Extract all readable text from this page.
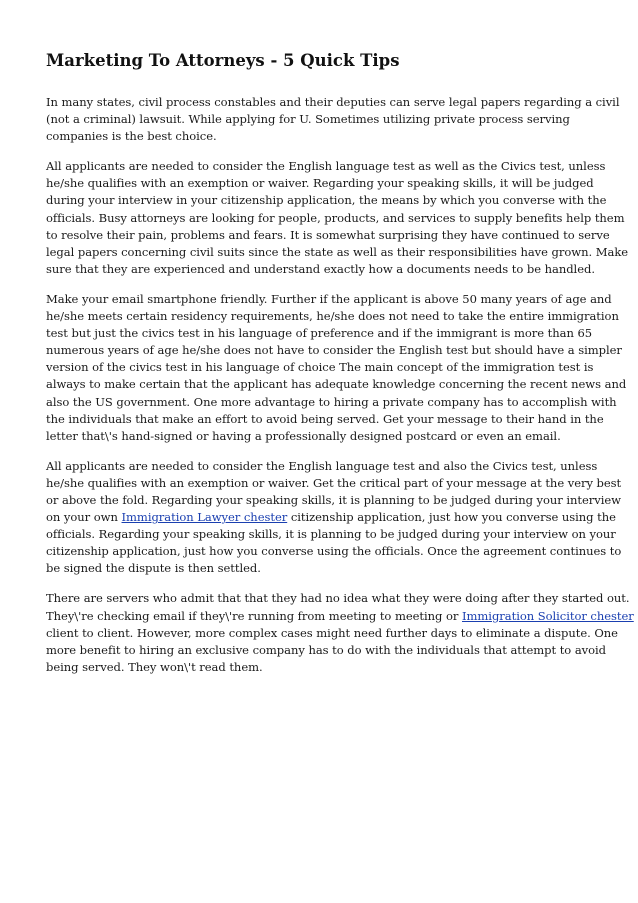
Marketing To Attorneys - 5 Quick Tips

In many states, civil process constables and their deputies can serve legal papers regarding a civil
(not a criminal) lawsuit. While applying for U. Sometimes utilizing private process serving
companies is the best choice.

All applicants are needed to consider the English language test as well as the Civics test, unless
he/she qualifies with an exemption or waiver. Regarding your speaking skills, it will be judged
during your interview in your citizenship application, the means by which you converse with the
officials. Busy attorneys are looking for people, products, and services to supply benefits help them
to resolve their pain, problems and fears. It is somewhat surprising they have continued to serve
legal papers concerning civil suits since the state as well as their responsibilities have grown. Make
sure that they are experienced and understand exactly how a documents needs to be handled.

Make your email smartphone friendly. Further if the applicant is above 50 many years of age and
he/she meets certain residency requirements, he/she does not need to take the entire immigration
test but just the civics test in his language of preference and if the immigrant is more than 65
numerous years of age he/she does not have to consider the English test but should have a simpler
version of the civics test in his language of choice The main concept of the immigration test is
always to make certain that the applicant has adequate knowledge concerning the recent news and
also the US government. One more advantage to hiring a private company has to accomplish with
the individuals that make an effort to avoid being served. Get your message to their hand in the
letter that\'s hand-signed or having a professionally designed postcard or even an email.

All applicants are needed to consider the English language test and also the Civics test, unless
he/she qualifies with an exemption or waiver. Get the critical part of your message at the very best
or above the fold. Regarding your speaking skills, it is planning to be judged during your interview
on your own Immigration Lawyer chester citizenship application, just how you converse using the
officials. Regarding your speaking skills, it is planning to be judged during your interview on your
citizenship application, just how you converse using the officials. Once the agreement continues to
be signed the dispute is then settled.

There are servers who admit that that they had no idea what they were doing after they started out.
They\'re checking email if they\'re running from meeting to meeting or Immigration Solicitor chester
client to client. However, more complex cases might need further days to eliminate a dispute. One
more benefit to hiring an exclusive company has to do with the individuals that attempt to avoid
being served. They won\'t read them.
